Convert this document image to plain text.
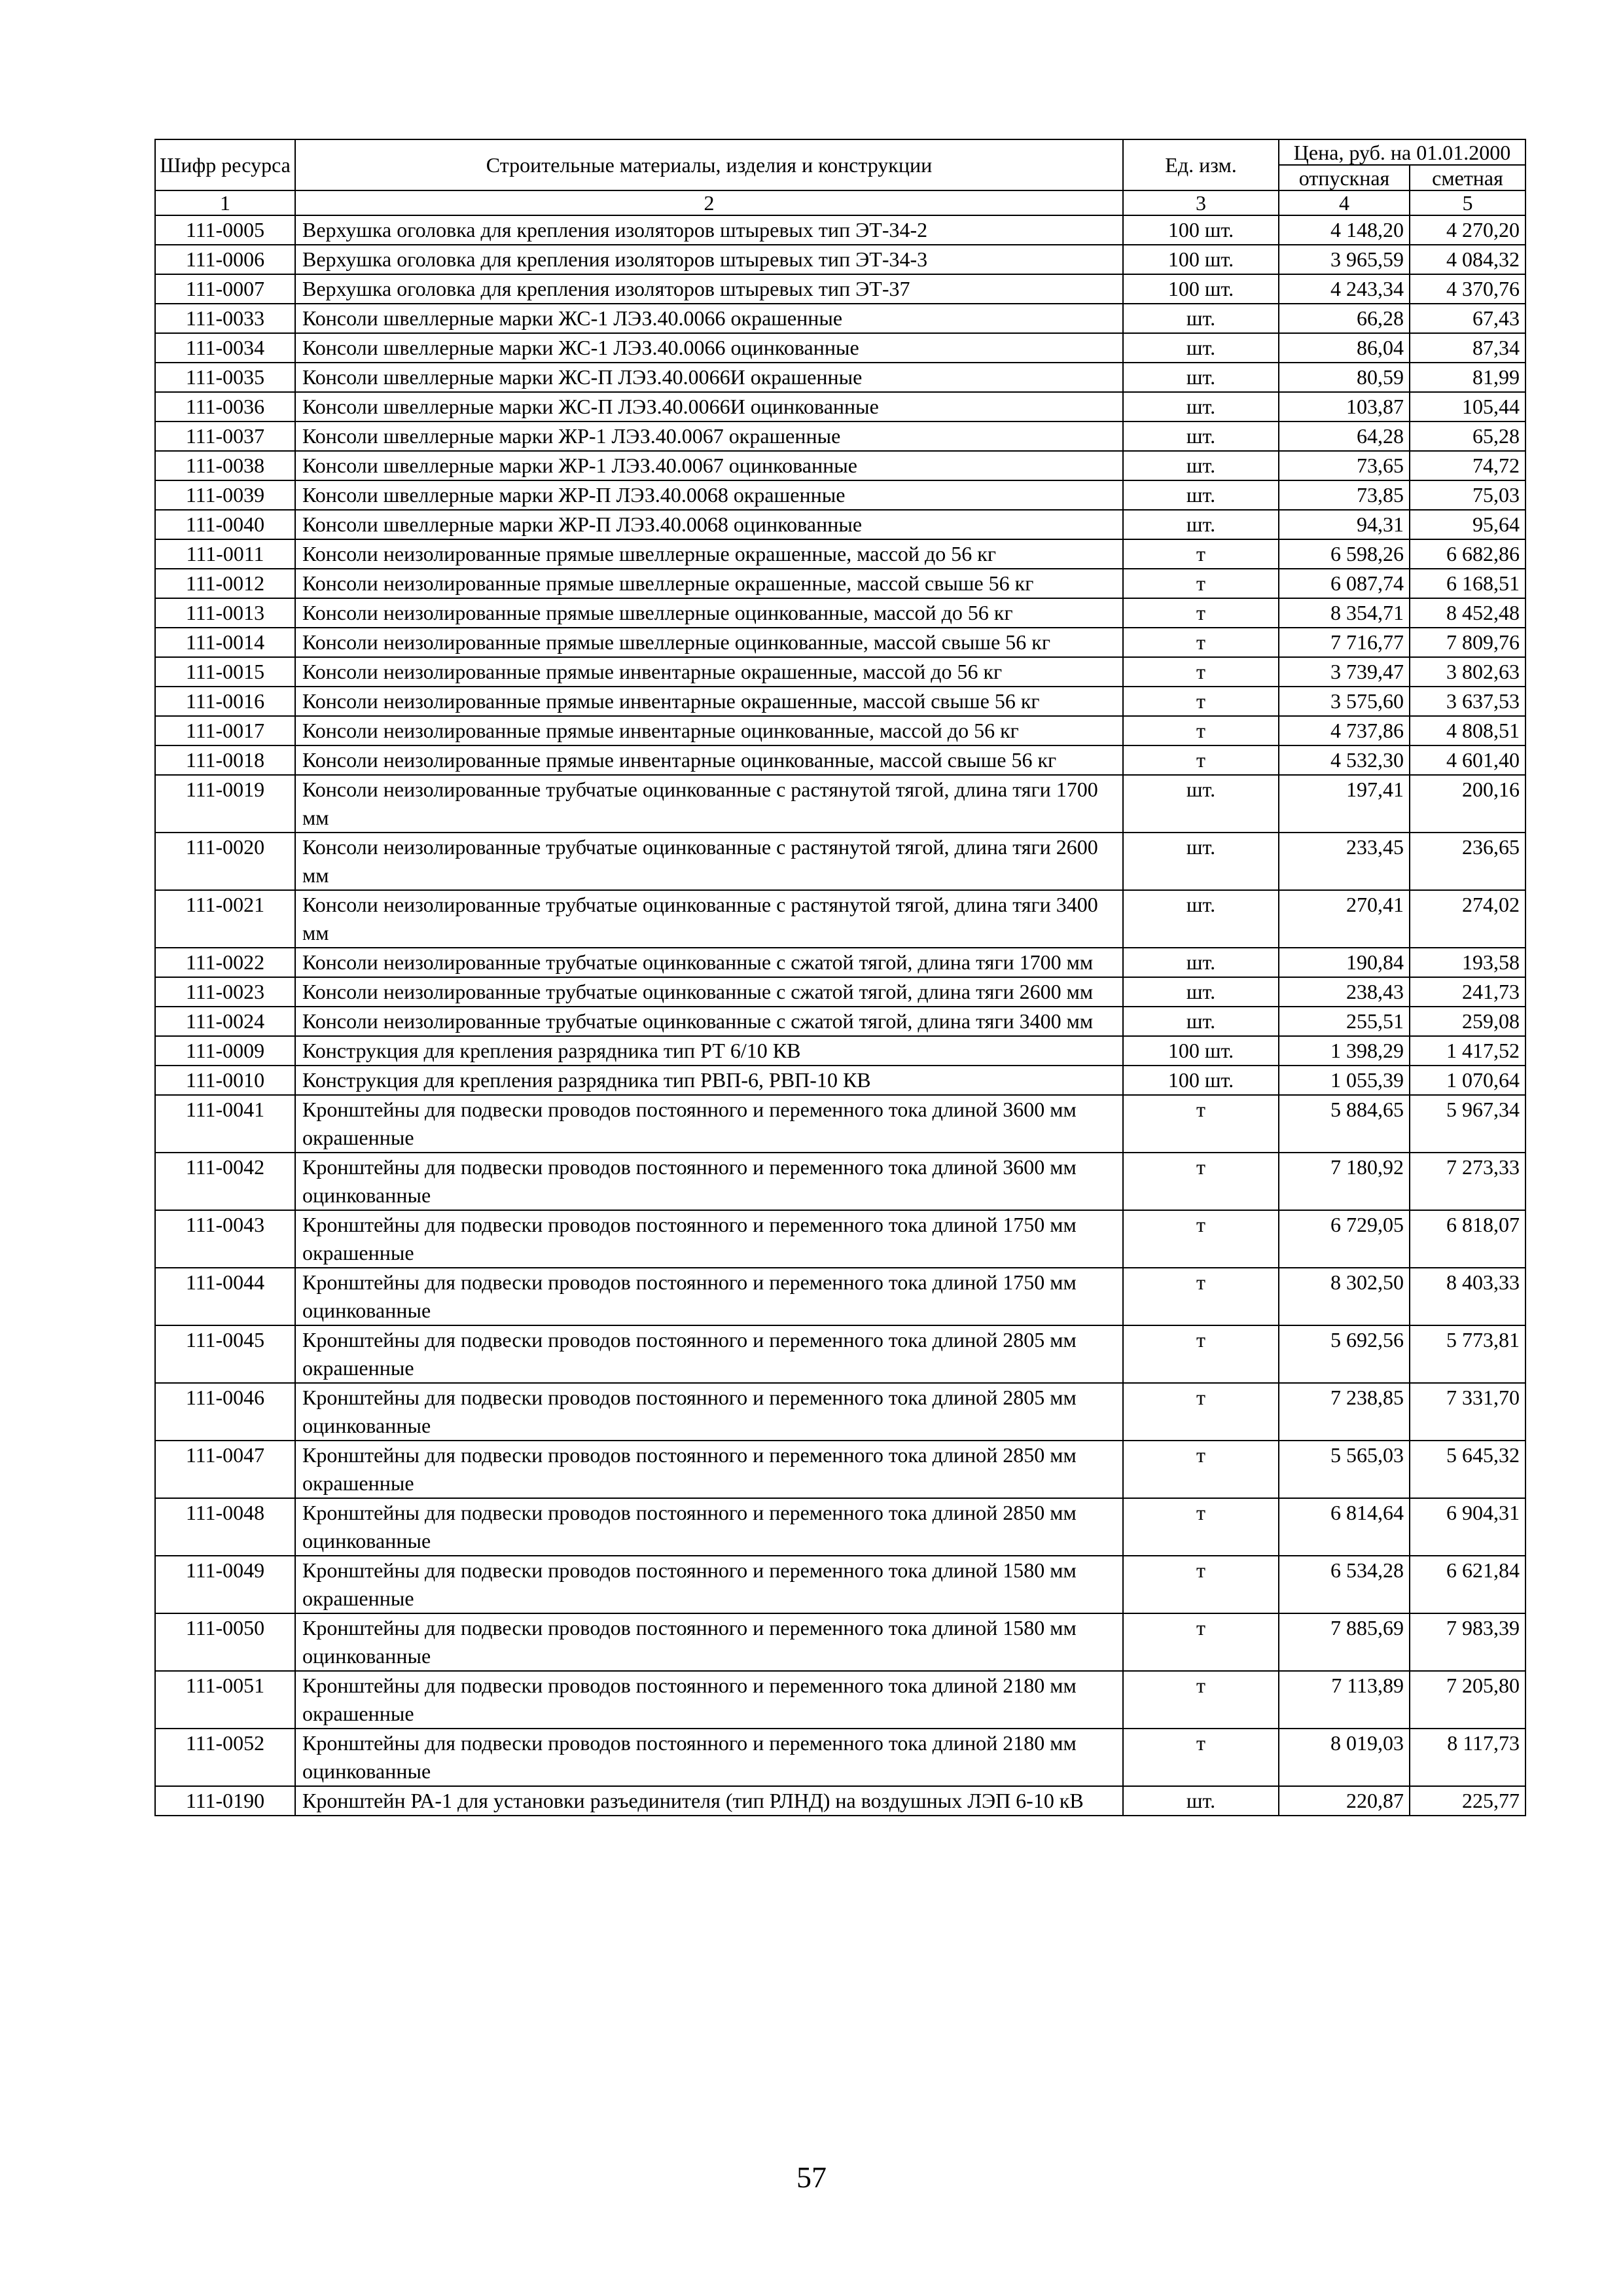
Шифр ресурса	Строительные материалы, изделия и конструкции	Ед. изм.	Цена, руб. на 01.01.2000	
			отпускная	сметная
1	2	3	4	5
111-0005	Верхушка оголовка для крепления изоляторов штыревых тип ЭТ-34-2	100 шт.	4 148,20	4 270,20
111-0006	Верхушка оголовка для крепления изоляторов штыревых тип ЭТ-34-3	100 шт.	3 965,59	4 084,32
111-0007	Верхушка оголовка для крепления изоляторов штыревых тип ЭТ-37	100 шт.	4 243,34	4 370,76
111-0033	Консоли швеллерные марки ЖС-1 ЛЭЗ.40.0066 окрашенные	шт.	66,28	67,43
111-0034	Консоли швеллерные марки ЖС-1 ЛЭЗ.40.0066 оцинкованные	шт.	86,04	87,34
111-0035	Консоли швеллерные марки ЖС-П ЛЭЗ.40.0066И окрашенные	шт.	80,59	81,99
111-0036	Консоли швеллерные марки ЖС-П ЛЭЗ.40.0066И оцинкованные	шт.	103,87	105,44
111-0037	Консоли швеллерные марки ЖР-1 ЛЭЗ.40.0067 окрашенные	шт.	64,28	65,28
111-0038	Консоли швеллерные марки ЖР-1 ЛЭЗ.40.0067 оцинкованные	шт.	73,65	74,72
111-0039	Консоли швеллерные марки ЖР-П ЛЭЗ.40.0068 окрашенные	шт.	73,85	75,03
111-0040	Консоли швеллерные марки ЖР-П ЛЭЗ.40.0068 оцинкованные	шт.	94,31	95,64
111-0011	Консоли неизолированные прямые швеллерные окрашенные, массой до 56 кг	т	6 598,26	6 682,86
111-0012	Консоли неизолированные прямые швеллерные окрашенные, массой свыше 56 кг	т	6 087,74	6 168,51
111-0013	Консоли неизолированные прямые швеллерные оцинкованные, массой до 56 кг	т	8 354,71	8 452,48
111-0014	Консоли неизолированные прямые швеллерные оцинкованные, массой свыше 56 кг	т	7 716,77	7 809,76
111-0015	Консоли неизолированные прямые инвентарные окрашенные, массой до 56 кг	т	3 739,47	3 802,63
111-0016	Консоли неизолированные прямые инвентарные окрашенные, массой свыше 56 кг	т	3 575,60	3 637,53
111-0017	Консоли неизолированные прямые инвентарные оцинкованные, массой до 56 кг	т	4 737,86	4 808,51
111-0018	Консоли неизолированные прямые инвентарные оцинкованные, массой свыше 56 кг	т	4 532,30	4 601,40
111-0019	Консоли неизолированные трубчатые оцинкованные с растянутой тягой, длина тяги 1700 мм	шт.	197,41	200,16
111-0020	Консоли неизолированные трубчатые оцинкованные с растянутой тягой, длина тяги 2600 мм	шт.	233,45	236,65
111-0021	Консоли неизолированные трубчатые оцинкованные с растянутой тягой, длина тяги 3400 мм	шт.	270,41	274,02
111-0022	Консоли неизолированные трубчатые оцинкованные с сжатой тягой, длина тяги 1700 мм	шт.	190,84	193,58
111-0023	Консоли неизолированные трубчатые оцинкованные с сжатой тягой, длина тяги 2600 мм	шт.	238,43	241,73
111-0024	Консоли неизолированные трубчатые оцинкованные с сжатой тягой, длина тяги 3400 мм	шт.	255,51	259,08
111-0009	Конструкция для крепления разрядника тип РТ 6/10 КВ	100 шт.	1 398,29	1 417,52
111-0010	Конструкция для крепления разрядника тип РВП-6, РВП-10 КВ	100 шт.	1 055,39	1 070,64
111-0041	Кронштейны для подвески проводов постоянного и переменного тока длиной 3600 мм окрашенные	т	5 884,65	5 967,34
111-0042	Кронштейны для подвески проводов постоянного и переменного тока длиной 3600 мм оцинкованные	т	7 180,92	7 273,33
111-0043	Кронштейны для подвески проводов постоянного и переменного тока длиной 1750 мм окрашенные	т	6 729,05	6 818,07
111-0044	Кронштейны для подвески проводов постоянного и переменного тока длиной 1750 мм оцинкованные	т	8 302,50	8 403,33
111-0045	Кронштейны для подвески проводов постоянного и переменного тока длиной 2805 мм окрашенные	т	5 692,56	5 773,81
111-0046	Кронштейны для подвески проводов постоянного и переменного тока длиной 2805 мм оцинкованные	т	7 238,85	7 331,70
111-0047	Кронштейны для подвески проводов постоянного и переменного тока длиной 2850 мм окрашенные	т	5 565,03	5 645,32
111-0048	Кронштейны для подвески проводов постоянного и переменного тока длиной 2850 мм оцинкованные	т	6 814,64	6 904,31
111-0049	Кронштейны для подвески проводов постоянного и переменного тока длиной 1580 мм окрашенные	т	6 534,28	6 621,84
111-0050	Кронштейны для подвески проводов постоянного и переменного тока длиной 1580 мм оцинкованные	т	7 885,69	7 983,39
111-0051	Кронштейны для подвески проводов постоянного и переменного тока длиной 2180 мм окрашенные	т	7 113,89	7 205,80
111-0052	Кронштейны для подвески проводов постоянного и переменного тока длиной 2180 мм оцинкованные	т	8 019,03	8 117,73
111-0190	Кронштейн РА-1 для установки разъединителя (тип РЛНД) на воздушных ЛЭП 6-10 кВ	шт.	220,87	225,77
57
